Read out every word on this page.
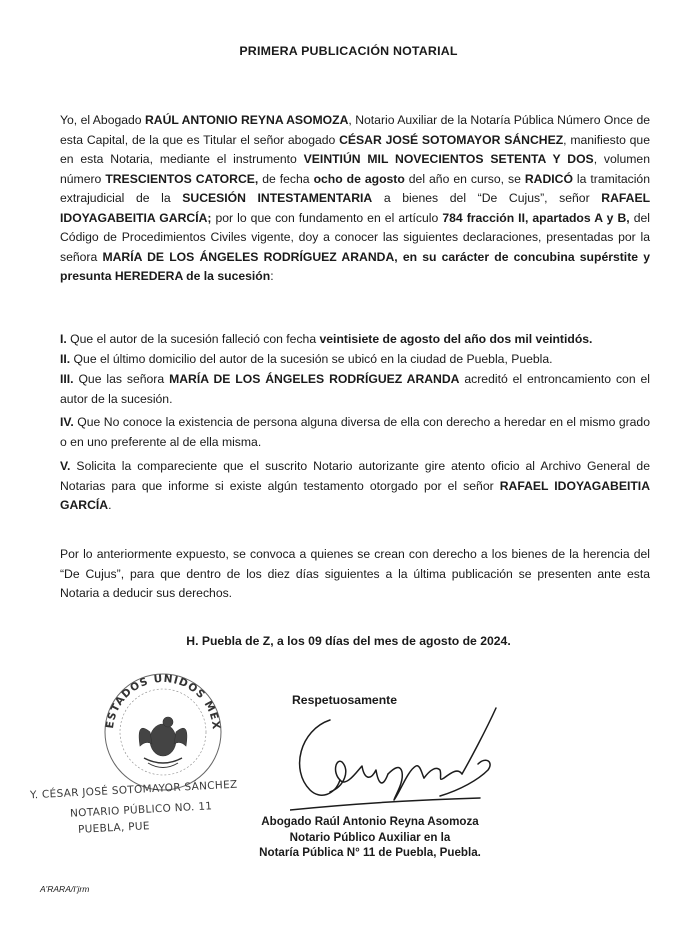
PRIMERA PUBLICACIÓN NOTARIAL
Yo, el Abogado RAÚL ANTONIO REYNA ASOMOZA, Notario Auxiliar de la Notaría Pública Número Once de esta Capital, de la que es Titular el señor abogado CÉSAR JOSÉ SOTOMAYOR SÁNCHEZ, manifiesto que en esta Notaria, mediante el instrumento VEINTIÚN MIL NOVECIENTOS SETENTA Y DOS, volumen número TRESCIENTOS CATORCE, de fecha ocho de agosto del año en curso, se RADICÓ la tramitación extrajudicial de la SUCESIÓN INTESTAMENTARIA a bienes del “De Cujus”, señor RAFAEL IDOYAGABEITIA GARCÍA; por lo que con fundamento en el artículo 784 fracción II, apartados A y B, del Código de Procedimientos Civiles vigente, doy a conocer las siguientes declaraciones, presentadas por la señora MARÍA DE LOS ÁNGELES RODRÍGUEZ ARANDA, en su carácter de concubina supérstite y presunta HEREDERA de la sucesión:
I. Que el autor de la sucesión falleció con fecha veintisiete de agosto del año dos mil veintidós.
II. Que el último domicilio del autor de la sucesión se ubicó en la ciudad de Puebla, Puebla.
III. Que las señora MARÍA DE LOS ÁNGELES RODRÍGUEZ ARANDA acreditó el entroncamiento con el autor de la sucesión.
IV. Que No conoce la existencia de persona alguna diversa de ella con derecho a heredar en el mismo grado o en uno preferente al de ella misma.
V. Solicita la compareciente que el suscrito Notario autorizante gire atento oficio al Archivo General de Notarias para que informe si existe algún testamento otorgado por el señor RAFAEL IDOYAGABEITIA GARCÍA.
Por lo anteriormente expuesto, se convoca a quienes se crean con derecho a los bienes de la herencia del “De Cujus”, para que dentro de los diez días siguientes a la última publicación se presenten ante esta Notaria a deducir sus derechos.
H. Puebla de Z, a los 09 días del mes de agosto de 2024.
Respetuosamente
ESTADOS UNIDOS MEX
Y. CÉSAR JOSÉ SOTOMAYOR SÁNCHEZ
NOTARIO PÚBLICO NO. 11
PUEBLA, PUE	Abogado Raúl Antonio Reyna Asomoza
Notario Público Auxiliar en la
Notaría Pública N° 11 de Puebla, Puebla.
A’RARA/I’jrm
